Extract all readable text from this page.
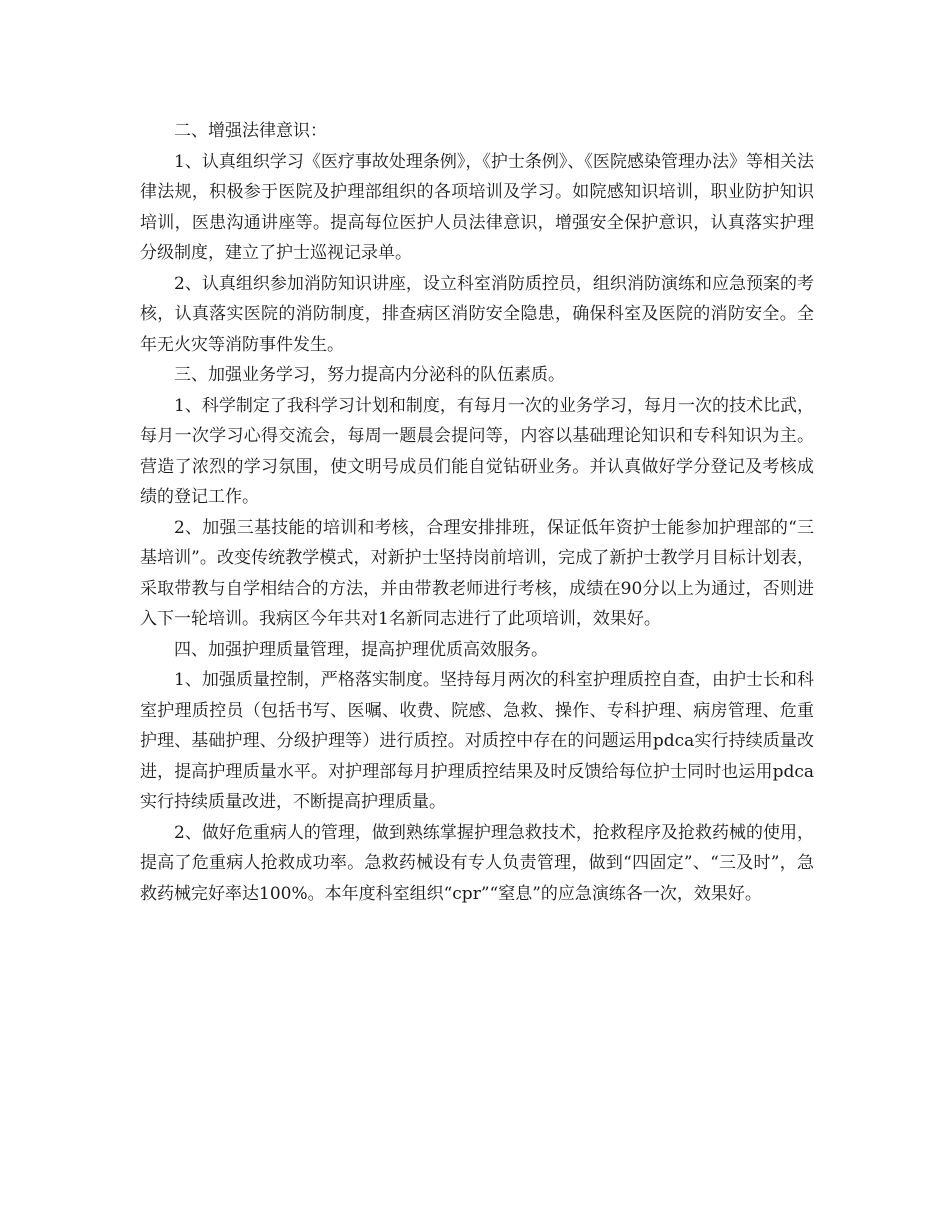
二、增强法律意识：

1、认真组织学习《医疗事故处理条例》，《护士条例》、《医院感染管理办法》等相关法律法规，积极参于医院及护理部组织的各项培训及学习。如院感知识培训，职业防护知识培训，医患沟通讲座等。提高每位医护人员法律意识，增强安全保护意识，认真落实护理分级制度，建立了护士巡视记录单。

2、认真组织参加消防知识讲座，设立科室消防质控员，组织消防演练和应急预案的考核，认真落实医院的消防制度，排查病区消防安全隐患，确保科室及医院的消防安全。全年无火灾等消防事件发生。

三、加强业务学习，努力提高内分泌科的队伍素质。

1、科学制定了我科学习计划和制度，有每月一次的业务学习，每月一次的技术比武，每月一次学习心得交流会，每周一题晨会提问等，内容以基础理论知识和专科知识为主。营造了浓烈的学习氛围，使文明号成员们能自觉钻研业务。并认真做好学分登记及考核成绩的登记工作。

2、加强三基技能的培训和考核，合理安排排班，保证低年资护士能参加护理部的“三基培训”。改变传统教学模式，对新护士坚持岗前培训，完成了新护士教学月目标计划表，采取带教与自学相结合的方法，并由带教老师进行考核，成绩在90分以上为通过，否则进入下一轮培训。我病区今年共对1名新同志进行了此项培训，效果好。

四、加强护理质量管理，提高护理优质高效服务。

1、加强质量控制，严格落实制度。坚持每月两次的科室护理质控自查，由护士长和科室护理质控员（包括书写、医嘱、收费、院感、急救、操作、专科护理、病房管理、危重护理、基础护理、分级护理等）进行质控。对质控中存在的问题运用pdca实行持续质量改进，提高护理质量水平。对护理部每月护理质控结果及时反馈给每位护士同时也运用pdca实行持续质量改进，不断提高护理质量。

2、做好危重病人的管理，做到熟练掌握护理急救技术，抢救程序及抢救药械的使用，提高了危重病人抢救成功率。急救药械设有专人负责管理，做到“四固定”、“三及时”，急救药械完好率达100%。本年度科室组织“cpr”“窒息”的应急演练各一次，效果好。
